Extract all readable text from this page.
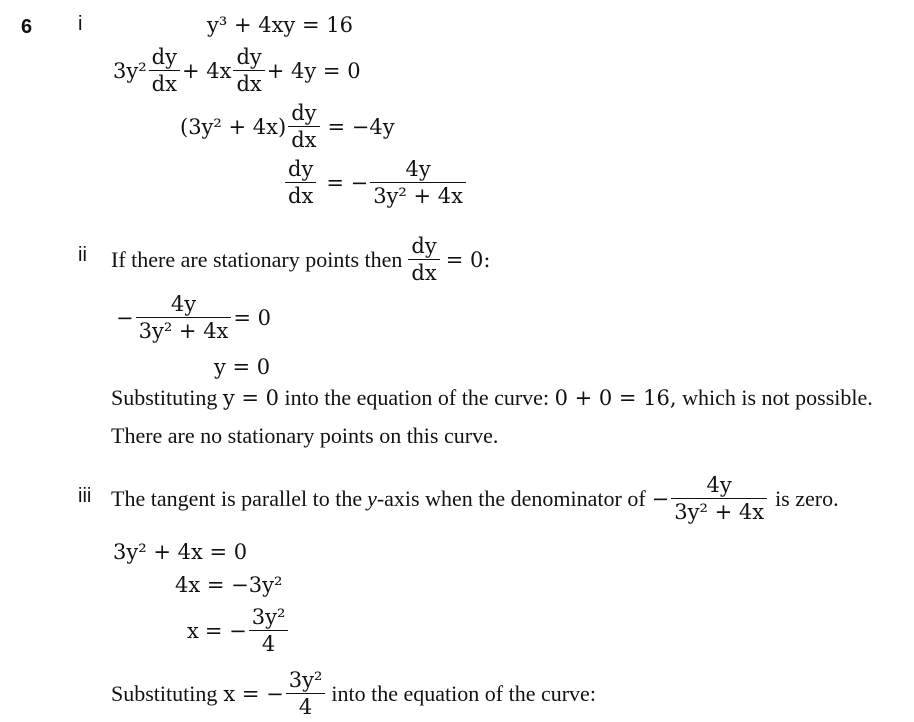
6 i	y³ + 4xy = 16
$3y^2 \frac{dy}{dx} + 4x \frac{dy}{dx} + 4y = 0$
$(3y^2 + 4x) \frac{dy}{dx} = -4y$
$\frac{dy}{dx}$ = − $\frac{4y}{\text{3y² + 4x}}$
ii If there are stationary points then $\frac{dy}{dx} = 0$:
− $\frac{4y}{\text{3y² + 4x}} = 0$
y = 0
Substituting y = 0 into the equation of the curve: 0 + 0 = 16, which is not possible.
There are no stationary points on this curve.
iii The tangent is parallel to the y -axis when the denominator of − $\frac{4y}{\text{3y² + 4x}}$ is zero.
3y² + 4x = 0
4x = −3y²
x = − $\frac{\text{3y²}}{4}$
Substituting x = − $\frac{\text{3y²}}{4}$ into the equation of the curve:
